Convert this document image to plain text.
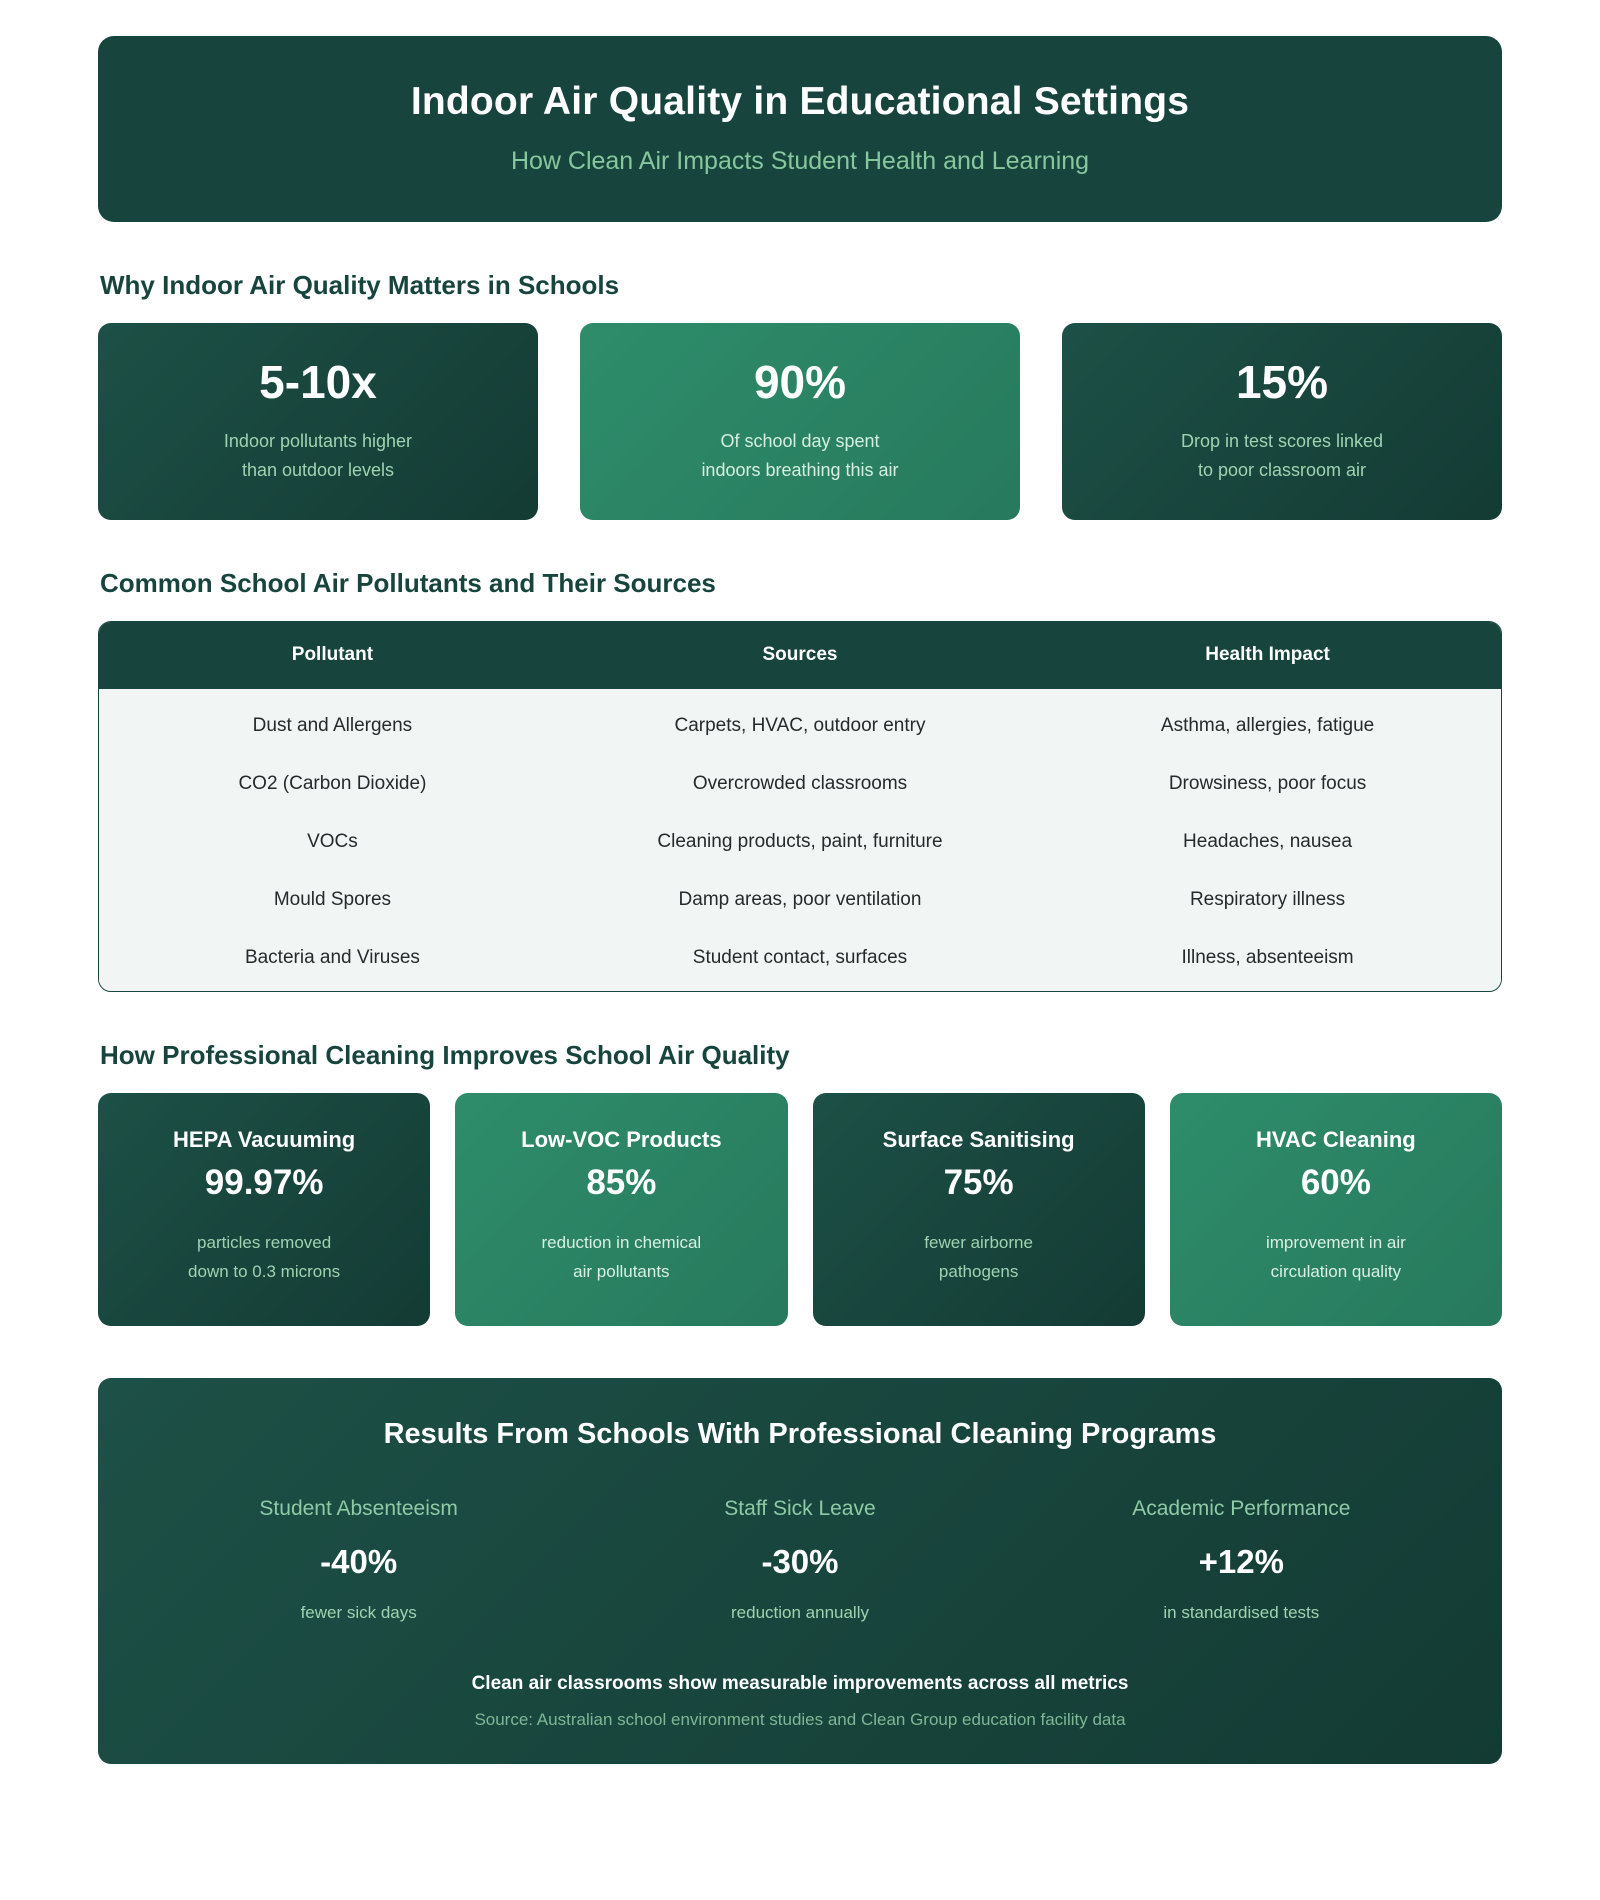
Indoor Air Quality in Educational Settings
How Clean Air Impacts Student Health and Learning
Why Indoor Air Quality Matters in Schools
5-10x
Indoor pollutants higher
than outdoor levels
90%
Of school day spent
indoors breathing this air
15%
Drop in test scores linked
to poor classroom air
Common School Air Pollutants and Their Sources
Pollutant	Sources	Health Impact
Dust and Allergens	Carpets, HVAC, outdoor entry	Asthma, allergies, fatigue
CO2 (Carbon Dioxide)	Overcrowded classrooms	Drowsiness, poor focus
VOCs	Cleaning products, paint, furniture	Headaches, nausea
Mould Spores	Damp areas, poor ventilation	Respiratory illness
Bacteria and Viruses	Student contact, surfaces	Illness, absenteeism
How Professional Cleaning Improves School Air Quality
HEPA Vacuuming
99.97%
particles removed
down to 0.3 microns
Low-VOC Products
85%
reduction in chemical
air pollutants
Surface Sanitising
75%
fewer airborne
pathogens
HVAC Cleaning
60%
improvement in air
circulation quality
Results From Schools With Professional Cleaning Programs
Student Absenteeism
-40%
fewer sick days
Staff Sick Leave
-30%
reduction annually
Academic Performance
+12%
in standardised tests
Clean air classrooms show measurable improvements across all metrics
Source: Australian school environment studies and Clean Group education facility data
